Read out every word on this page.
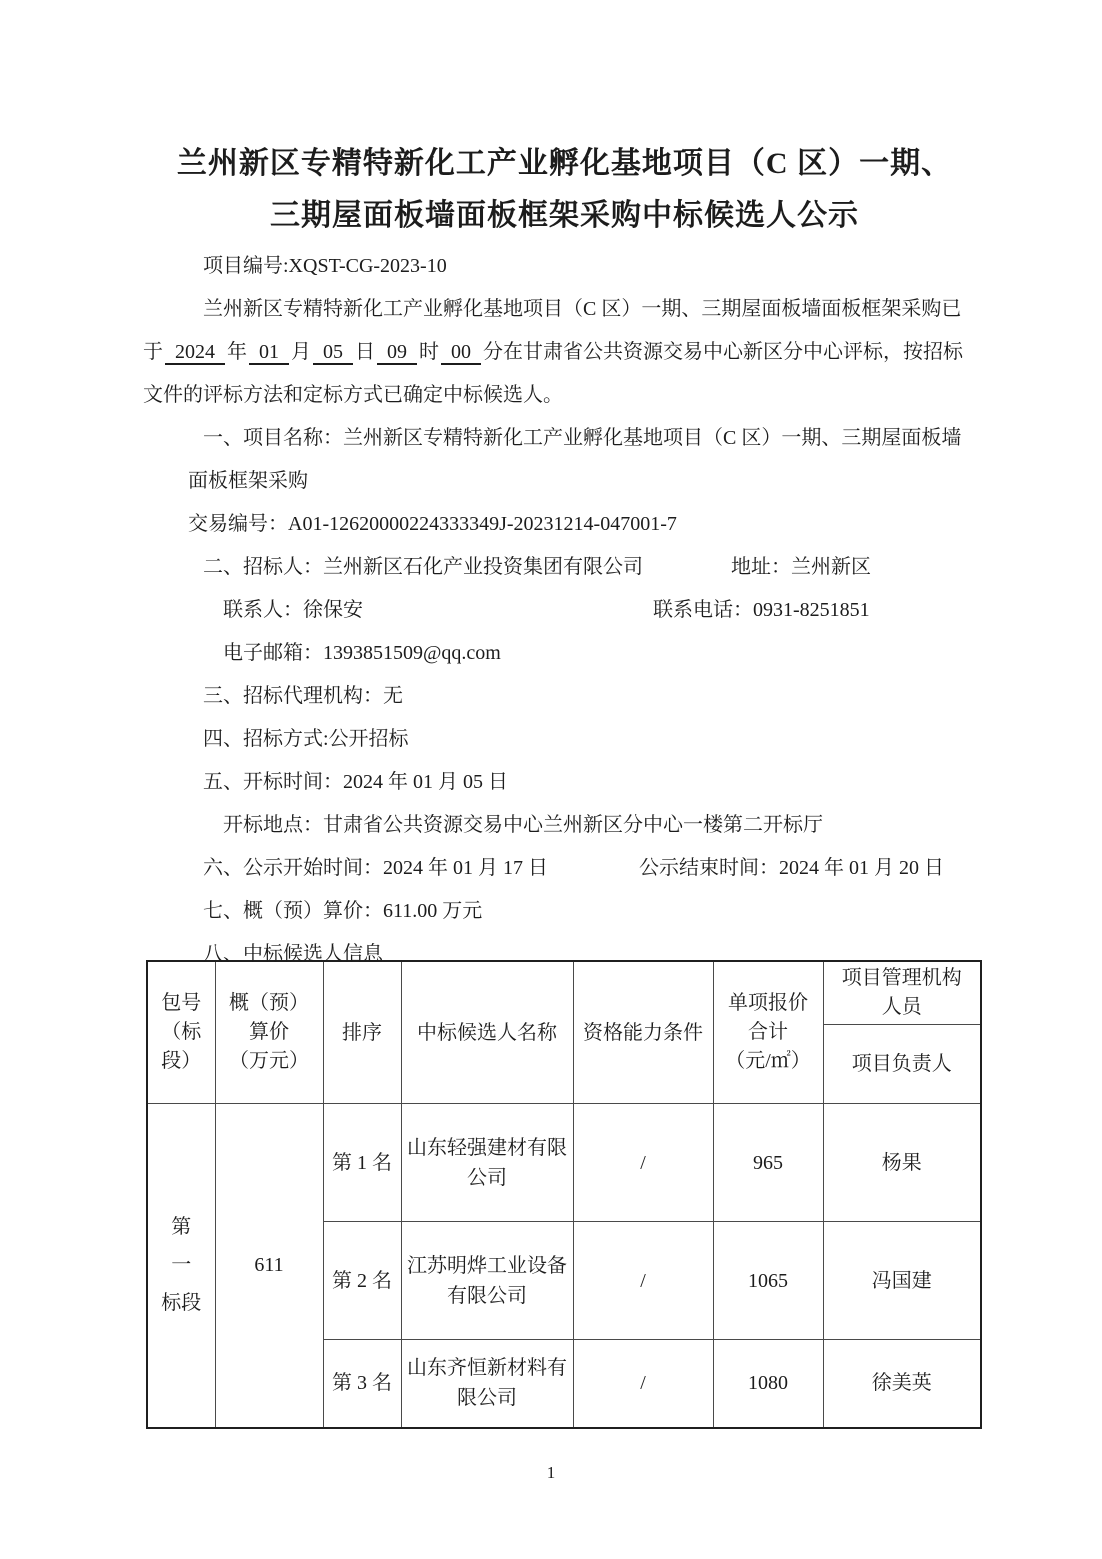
兰州新区专精特新化工产业孵化基地项目（C 区）一期、
三期屋面板墙面板框架采购中标候选人公示
项目编号:XQST-CG-2023-10
兰州新区专精特新化工产业孵化基地项目（C 区）一期、三期屋面板墙面板框架采购已
于 2024 年 01 月 05 日 09 时 00 分在甘肃省公共资源交易中心新区分中心评标，按招标
文件的评标方法和定标方式已确定中标候选人。
一、项目名称：兰州新区专精特新化工产业孵化基地项目（C 区）一期、三期屋面板墙
面板框架采购
交易编号：A01-12620000224333349J-20231214-047001-7
二、招标人：兰州新区石化产业投资集团有限公司	地址：兰州新区
联系人：徐保安	联系电话：0931-8251851
电子邮箱：1393851509@qq.com
三、招标代理机构：无
四、招标方式:公开招标
五、开标时间：2024 年 01 月 05 日
开标地点：甘肃省公共资源交易中心兰州新区分中心一楼第二开标厅
六、公示开始时间：2024 年 01 月 17 日	公示结束时间：2024 年 01 月 20 日
七、概（预）算价：611.00 万元
八、中标候选人信息
包号
（标
段）	概（预）
算价
（万元）	排序	中标候选人名称	资格能力条件	单项报价
合计
（元/㎡）	项目管理机构
人员

						项目负责人

第
一
标段	611	第 1 名	山东轻强建材有限公司	/	965	杨果
		第 2 名	江苏明烨工业设备有限公司	/	1065	冯国建
		第 3 名	山东齐恒新材料有限公司	/	1080	徐美英
1
